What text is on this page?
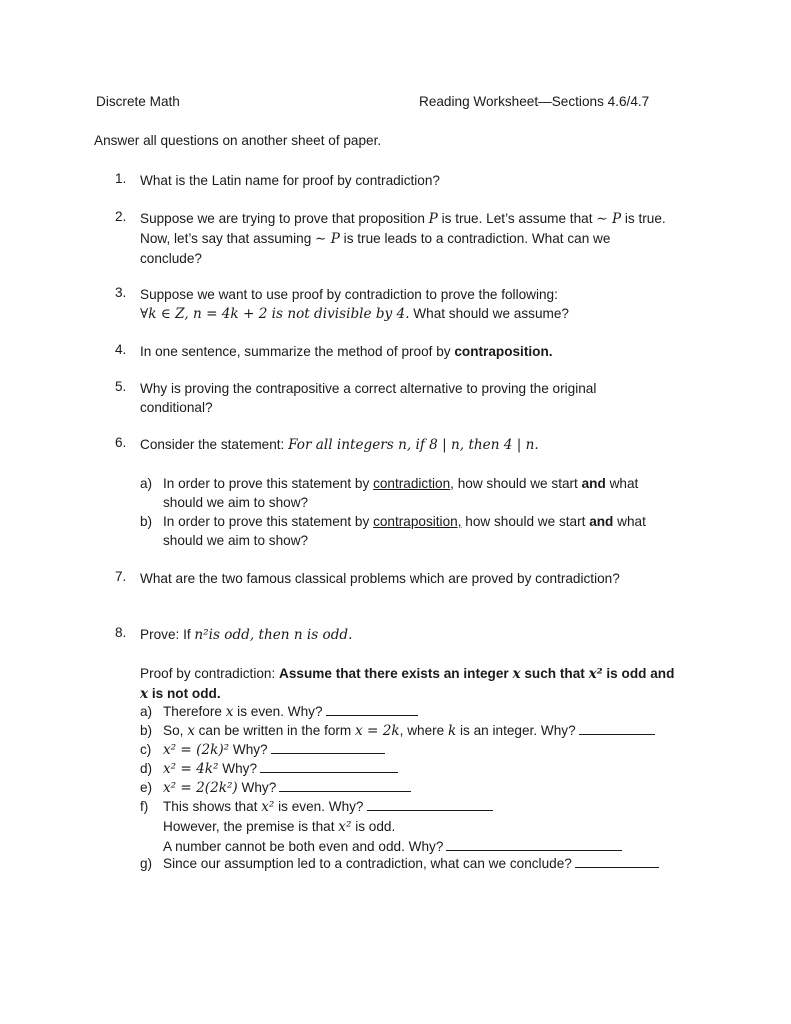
Discrete Math	Reading Worksheet—Sections 4.6/4.7
Answer all questions on another sheet of paper.
1.	What is the Latin name for proof by contradiction?
2.	Suppose we are trying to prove that proposition P is true. Let’s assume that ∼ P is true.
Now, let’s say that assuming ∼ P is true leads to a contradiction. What can we
conclude?
3.	Suppose we want to use proof by contradiction to prove the following:
∀k ∈ Z, n = 4k + 2 is not divisible by 4. What should we assume?
4.	In one sentence, summarize the method of proof by contraposition.
5.	Why is proving the contrapositive a correct alternative to proving the original
conditional?
6.	Consider the statement: For all integers n, if 8 | n, then 4 | n.
a) In order to prove this statement by contradiction, how should we start and what
should we aim to show?
b) In order to prove this statement by contraposition, how should we start and what
should we aim to show?
7.	What are the two famous classical problems which are proved by contradiction?
8.	Prove: If n²is odd, then n is odd.
Proof by contradiction: Assume that there exists an integer x such that x² is odd and
x is not odd.
a) Therefore x is even. Why?
b) So, x can be written in the form x = 2k, where k is an integer. Why?
c) x² = (2k)² Why?
d) x² = 4k² Why?
e) x² = 2(2k²) Why?
f)	This shows that x² is even. Why?
However, the premise is that x² is odd.
A number cannot be both even and odd. Why?
g) Since our assumption led to a contradiction, what can we conclude?
